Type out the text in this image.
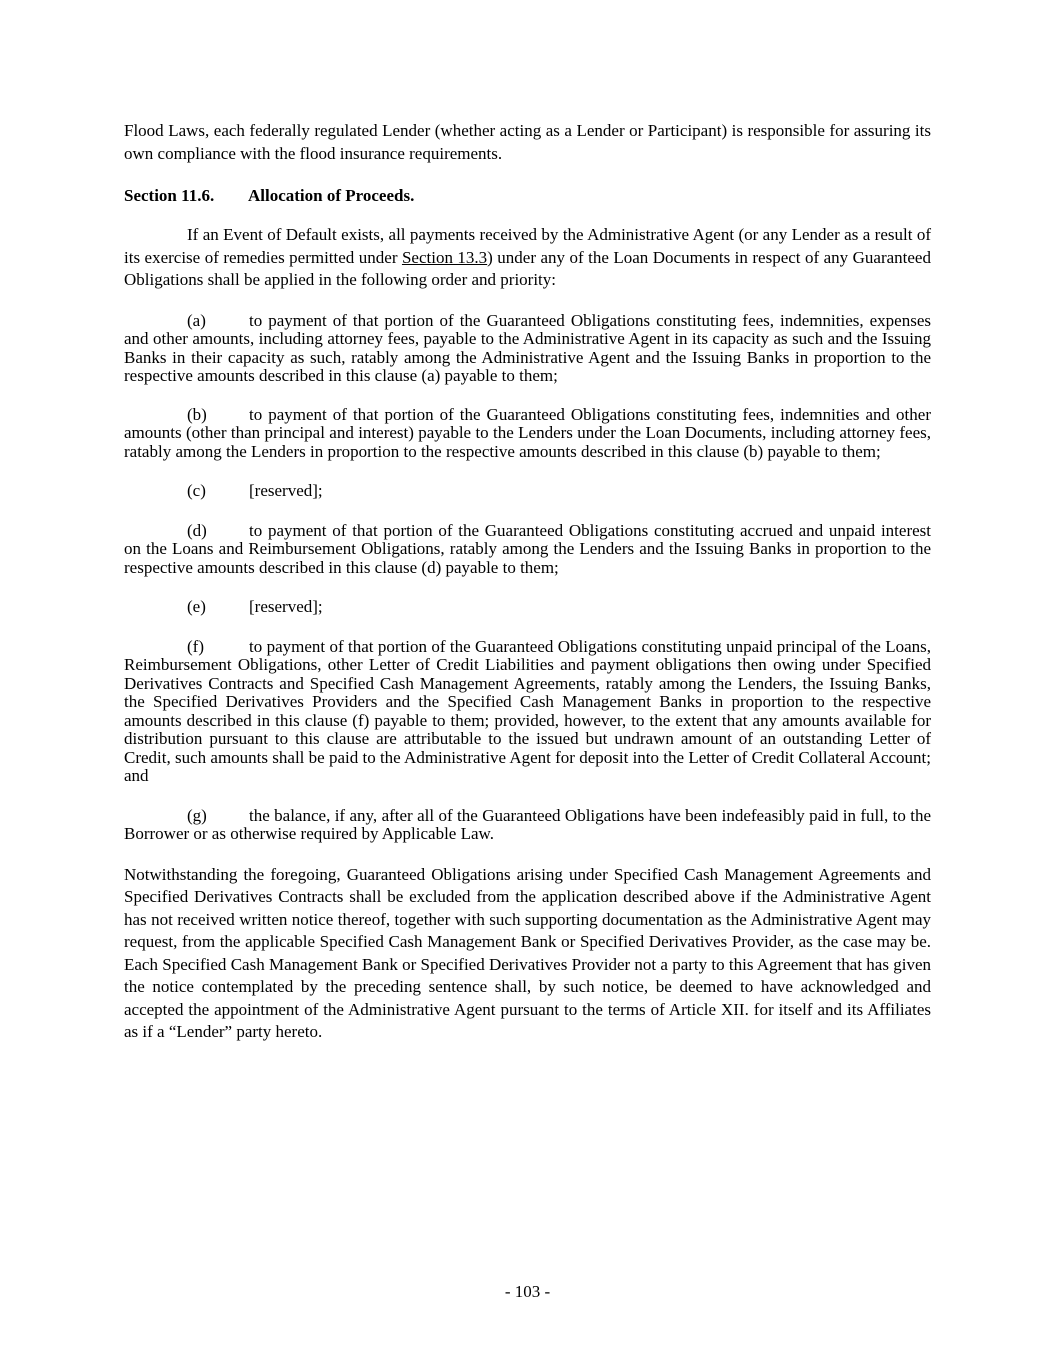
Flood Laws, each federally regulated Lender (whether acting as a Lender or Participant) is responsible for assuring its own compliance with the flood insurance requirements.

Section 11.6. Allocation of Proceeds.

If an Event of Default exists, all payments received by the Administrative Agent (or any Lender as a result of its exercise of remedies permitted under Section 13.3) under any of the Loan Documents in respect of any Guaranteed Obligations shall be applied in the following order and priority:

(a)	to payment of that portion of the Guaranteed Obligations constituting fees, indemnities, expenses and other amounts, including attorney fees, payable to the Administrative Agent in its capacity as such and the Issuing Banks in their capacity as such, ratably among the Administrative Agent and the Issuing Banks in proportion to the respective amounts described in this clause (a) payable to them;

(b) to payment of that portion of the Guaranteed Obligations constituting fees, indemnities and other amounts (other than principal and interest) payable to the Lenders under the Loan Documents, including attorney fees, ratably among the Lenders in proportion to the respective amounts described in this clause (b) payable to them;

(c)	[reserved];

(d) to payment of that portion of the Guaranteed Obligations constituting accrued and unpaid interest on the Loans and Reimbursement Obligations, ratably among the Lenders and the Issuing Banks in proportion to the respective amounts described in this clause (d) payable to them;

(e)	[reserved];

(f)	to payment of that portion of the Guaranteed Obligations constituting unpaid principal of the Loans, Reimbursement Obligations, other Letter of Credit Liabilities and payment obligations then owing under Specified Derivatives Contracts and Specified Cash Management Agreements, ratably among the Lenders, the Issuing Banks, the Specified Derivatives Providers and the Specified Cash Management Banks in proportion to the respective amounts described in this clause (f) payable to them; provided, however, to the extent that any amounts available for distribution pursuant to this clause are attributable to the issued but undrawn amount of an outstanding Letter of Credit, such amounts shall be paid to the Administrative Agent for deposit into the Letter of Credit Collateral Account; and

(g) the balance, if any, after all of the Guaranteed Obligations have been indefeasibly paid in full, to the Borrower or as otherwise required by Applicable Law.

Notwithstanding the foregoing, Guaranteed Obligations arising under Specified Cash Management Agreements and Specified Derivatives Contracts shall be excluded from the application described above if the Administrative Agent has not received written notice thereof, together with such supporting documentation as the Administrative Agent may request, from the applicable Specified Cash Management Bank or Specified Derivatives Provider, as the case may be. Each Specified Cash Management Bank or Specified Derivatives Provider not a party to this Agreement that has given the notice contemplated by the preceding sentence shall, by such notice, be deemed to have acknowledged and accepted the appointment of the Administrative Agent pursuant to the terms of Article XII. for itself and its Affiliates as if a “Lender” party hereto.

- 103 -
